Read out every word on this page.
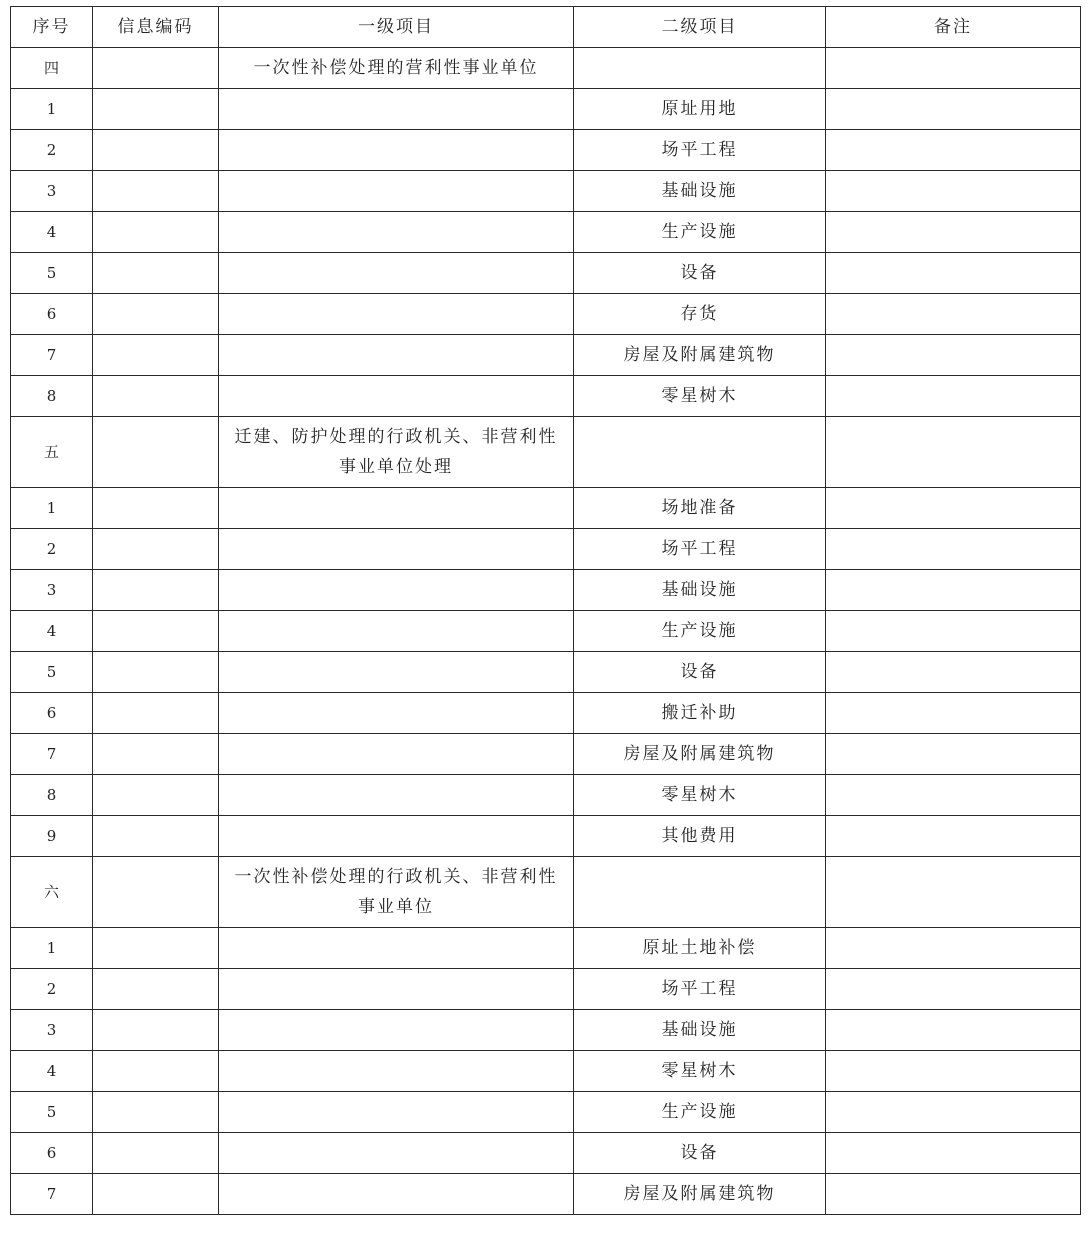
序号	信息编码	一级项目	二级项目	备注
四		一次性补偿处理的营利性事业单位		
1			原址用地	
2			场平工程	
3			基础设施	
4			生产设施	
5			设备	
6			存货	
7			房屋及附属建筑物	
8			零星树木	
五		迁建、防护处理的行政机关、非营利性事业单位处理		
1			场地准备	
2			场平工程	
3			基础设施	
4			生产设施	
5			设备	
6			搬迁补助	
7			房屋及附属建筑物	
8			零星树木	
9			其他费用	
六		一次性补偿处理的行政机关、非营利性事业单位		
1			原址土地补偿	
2			场平工程	
3			基础设施	
4			零星树木	
5			生产设施	
6			设备	
7			房屋及附属建筑物	
